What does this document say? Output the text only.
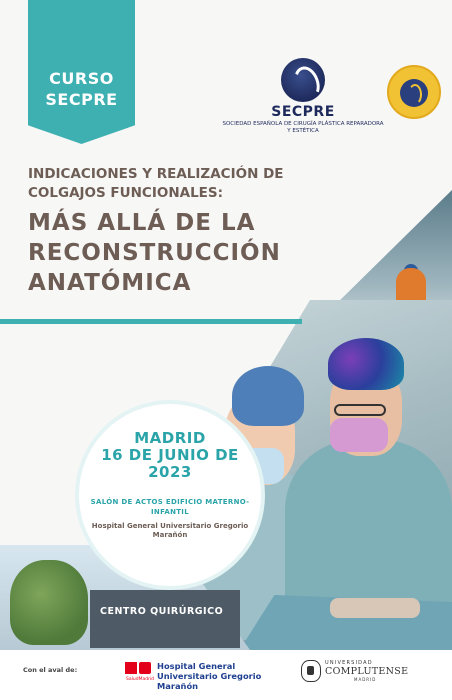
CENTRO QUIRÚRGICO
CURSO SECPRE
SECPRE
SOCIEDAD ESPAÑOLA DE CIRUGÍA PLÁSTICA REPARADORA Y ESTÉTICA
INDICACIONES Y REALIZACIÓN DE COLGAJOS FUNCIONALES:
MÁS ALLÁ DE LA RECONSTRUCCIÓN ANATÓMICA
MADRID
16 DE JUNIO DE 2023
SALÓN DE ACTOS EDIFICIO MATERNO-INFANTIL
Hospital General Universitario Gregorio Marañón
Con el aval de:
SaludMadrid
Hospital General Universitario Gregorio Marañón
UNIVERSIDAD
COMPLUTENSE
MADRID
